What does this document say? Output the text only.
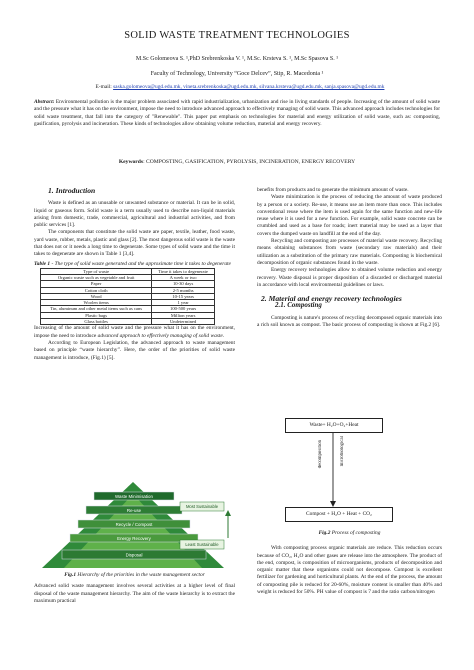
SOLID WASTE TREATMENT TECHNOLOGIES
M.Sc Golomeova S. ¹,PhD Srebrenkoska V. ¹, M.Sc. Krsteva S. ¹, M.Sc Spasova S. ¹
Faculty of Technology, University “Goce Delcev”, Stip, R. Macedonia ¹
E-mail: saska.golomeova@ugd.edu.mk, vineta.srebrenkoska@ugd.edu.mk, silvana.krsteva@ugd.edu.mk, sanja.spasova@ugd.edu.mk
Abstract: Environmental pollution is the major problem associated with rapid industrialization, urbanization and rise in living standards of people. Increasing of the amount of solid waste and the pressure what it has on the environment, impose the need to introduce advanced approach to effectively managing of solid waste. This advanced approach includes technologies for solid waste treatment, that fall into the category of "Renewable". This paper put emphasis on technologies for material and energy utilization of solid waste, such as: composting, gasification, pyrolysis and incineration. These kinds of technologies allow obtaining volume reduction, material and energy recovery.
Keywords: COMPOSTING, GASIFICATION, PYROLYSIS, INCINERATION, ENERGY RECOVERY
1. Introduction

Waste is defined as an unusable or unwanted substance or material. It can be in solid, liquid or gaseous form. Solid waste is a term usually used to describe non-liquid materials arising from domestic, trade, commercial, agricultural and industrial activities, and from public services [1].

The components that constitute the solid waste are paper, textile, leather, food waste, yard waste, rubber, metals, plastic and glass [2]. The most dangerous solid waste is the waste that does not or it needs a long time to degenerate. Some types of solid waste and the time it takes to degenerate are shown in Table 1 [3,4].

Table 1 - The type of solid waste generated and the approximate time it takes to degenerate
Type of waste	Time it takes to degenerate
Organic waste such as vegetable and fruit	A week or two
Paper	10-30 days
Cotton cloth	2-5 months
Wood	10-15 years
Woolen items	1 year
Tin, aluminum and other metal items such as cans	100-500 years
Plastic bags	Million years
Glass bottles	Undetermined

Increasing of the amount of solid waste and the pressure what it has on the environment, impose the need to introduce advanced approach to effectively managing of solid waste.

According to European Legislation, the advanced approach to waste management based on principle “waste hierarchy”. Here, the order of the priorities of solid waste management is introduce, (Fig.1) [5].

Waste Minimisation
Re-use
Recycle / Compost
Energy Recovery
Disposal
Most Sustainable
Least Sustainable
Fig.1 Hierarchy of the priorities in the waste management sector

Advanced solid waste management involves several activities at a higher level of final disposal of the waste management hierarchy. The aim of the waste hierarchy is to extract the maximum practical

benefits from products and to generate the minimum amount of waste.

Waste minimization is the process of reducing the amount of waste produced by a person or a society. Re-use, it means use an item more than once. This includes conventional reuse where the item is used again for the same function and new-life reuse where it is used for a new function. For example, solid waste concrete can be crumbled and used as a base for roads; inert material may be used as a layer that covers the dumped waste on landfill at the end of the day.

Recycling and composting are processes of material waste recovery. Recycling means obtaining substances from waste (secondary raw materials) and their utilization as a substitution of the primary raw materials. Composting is biochemical decomposition of organic substances found in the waste.

Energy recovery technologies allow to obtained volume reduction and energy recovery. Waste disposal is proper disposition of a discarded or discharged material in accordance with local environmental guidelines or laws.

2. Material and energy recovery technologies
2.1. Composting

Composting is nature's process of recycling decomposed organic materials into a rich soil known as compost. The basic process of composting is shown at Fig.2 [6].

Waste+ H₂O+O₂+Heat
decomposition	microbiological
Compost + H₂O + Heat + CO₂
Fig.2 Process of composting

With composting process organic materials are reduce. This reduction occurs because of CO₂, H₂O and other gases are release into the atmosphere. The product of the end, compost, is composition of microorganisms, products of decomposition and organic matter that these organisms could not decompose. Compost is excellent fertilizer for gardening and horticultural plants. At the end of the process, the amount of composting pile is reduced for 20-60%, moisture content is smaller than 40% and weight is reduced for 50%. PH value of compost is 7 and the ratio carbon/nitrogen
